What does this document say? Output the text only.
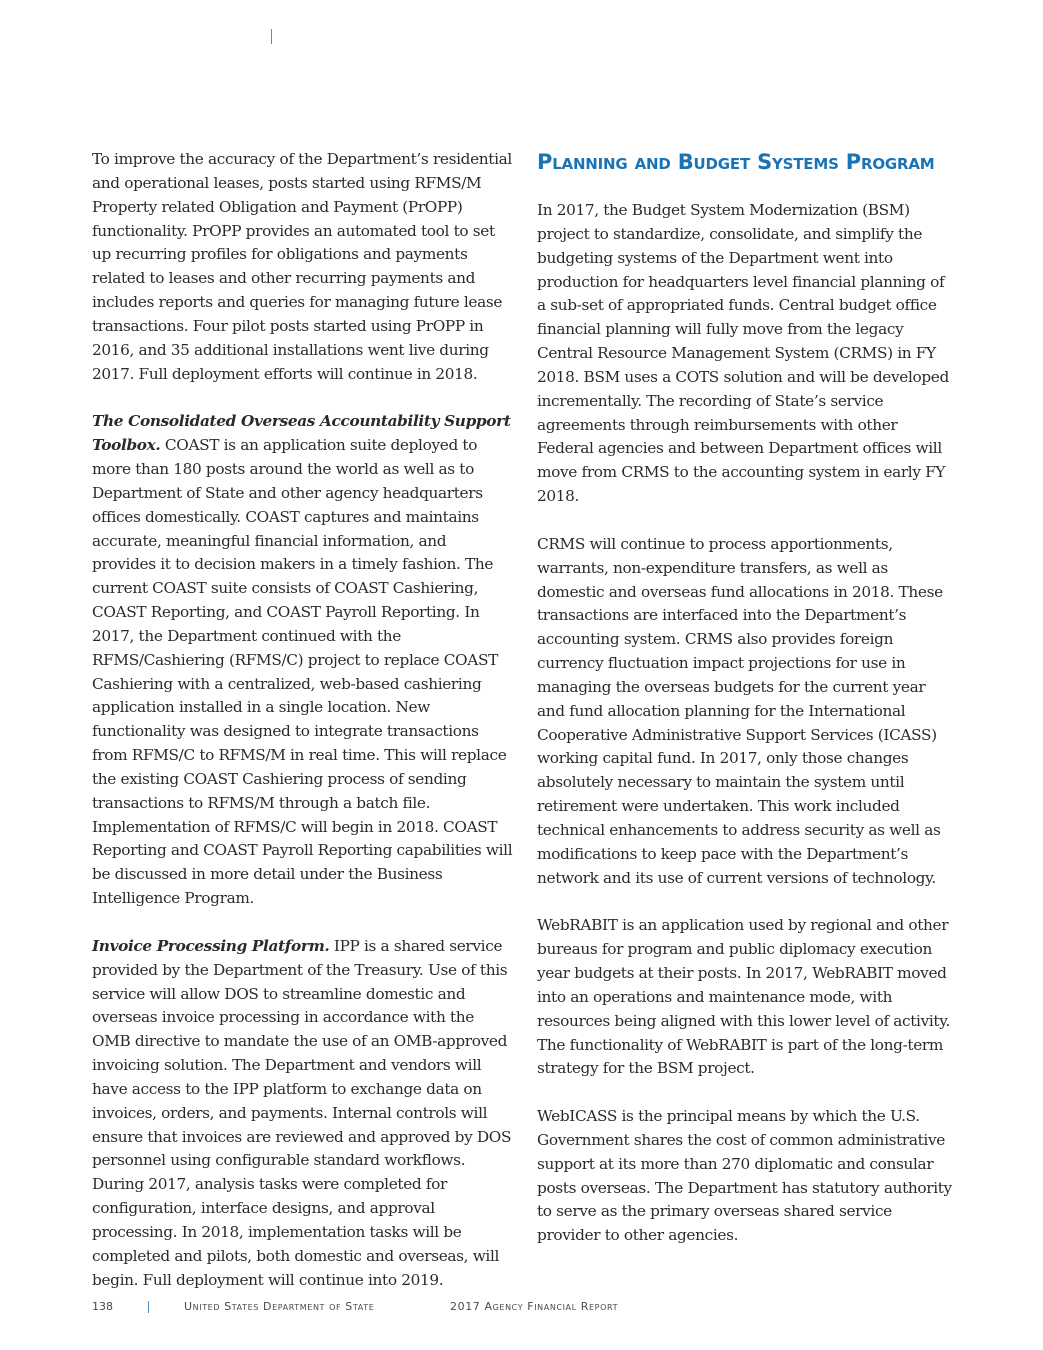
To improve the accuracy of the Department’s residential and operational leases, posts started using RFMS/M Property related Obligation and Payment (PrOPP) functionality. PrOPP provides an automated tool to set up recurring profiles for obligations and payments related to leases and other recurring payments and includes reports and queries for managing future lease transactions. Four pilot posts started using PrOPP in 2016, and 35 additional installations went live during 2017. Full deployment efforts will continue in 2018.

The Consolidated Overseas Accountability Support Toolbox. COAST is an application suite deployed to more than 180 posts around the world as well as to Department of State and other agency headquarters offices domestically. COAST captures and maintains accurate, meaningful financial information, and provides it to decision makers in a timely fashion. The current COAST suite consists of COAST Cashiering, COAST Reporting, and COAST Payroll Reporting. In 2017, the Department continued with the RFMS/Cashiering (RFMS/C) project to replace COAST Cashiering with a centralized, web-based cashiering application installed in a single location. New functionality was designed to integrate transactions from RFMS/C to RFMS/M in real time. This will replace the existing COAST Cashiering process of sending transactions to RFMS/M through a batch file. Implementation of RFMS/C will begin in 2018. COAST Reporting and COAST Payroll Reporting capabilities will be discussed in more detail under the Business Intelligence Program.

Invoice Processing Platform. IPP is a shared service provided by the Department of the Treasury. Use of this service will allow DOS to streamline domestic and overseas invoice processing in accordance with the OMB directive to mandate the use of an OMB-approved invoicing solution. The Department and vendors will have access to the IPP platform to exchange data on invoices, orders, and payments. Internal controls will ensure that invoices are reviewed and approved by DOS personnel using configurable standard workflows. During 2017, analysis tasks were completed for configuration, interface designs, and approval processing. In 2018, implementation tasks will be completed and pilots, both domestic and overseas, will begin. Full deployment will continue into 2019.

Planning and Budget Systems Program

In 2017, the Budget System Modernization (BSM) project to standardize, consolidate, and simplify the budgeting systems of the Department went into production for headquarters level financial planning of a sub-set of appropriated funds. Central budget office financial planning will fully move from the legacy Central Resource Management System (CRMS) in FY 2018. BSM uses a COTS solution and will be developed incrementally. The recording of State’s service agreements through reimbursements with other Federal agencies and between Department offices will move from CRMS to the accounting system in early FY 2018.

CRMS will continue to process apportionments, warrants, non-expenditure transfers, as well as domestic and overseas fund allocations in 2018. These transactions are interfaced into the Department’s accounting system. CRMS also provides foreign currency fluctuation impact projections for use in managing the overseas budgets for the current year and fund allocation planning for the International Cooperative Administrative Support Services (ICASS) working capital fund. In 2017, only those changes absolutely necessary to maintain the system until retirement were undertaken. This work included technical enhancements to address security as well as modifications to keep pace with the Department’s network and its use of current versions of technology.

WebRABIT is an application used by regional and other bureaus for program and public diplomacy execution year budgets at their posts. In 2017, WebRABIT moved into an operations and maintenance mode, with resources being aligned with this lower level of activity. The functionality of WebRABIT is part of the long-term strategy for the BSM project.

WebICASS is the principal means by which the U.S. Government shares the cost of common administrative support at its more than 270 diplomatic and consular posts overseas. The Department has statutory authority to serve as the primary overseas shared service provider to other agencies.

138	United States Department of State	2017 Agency Financial Report
